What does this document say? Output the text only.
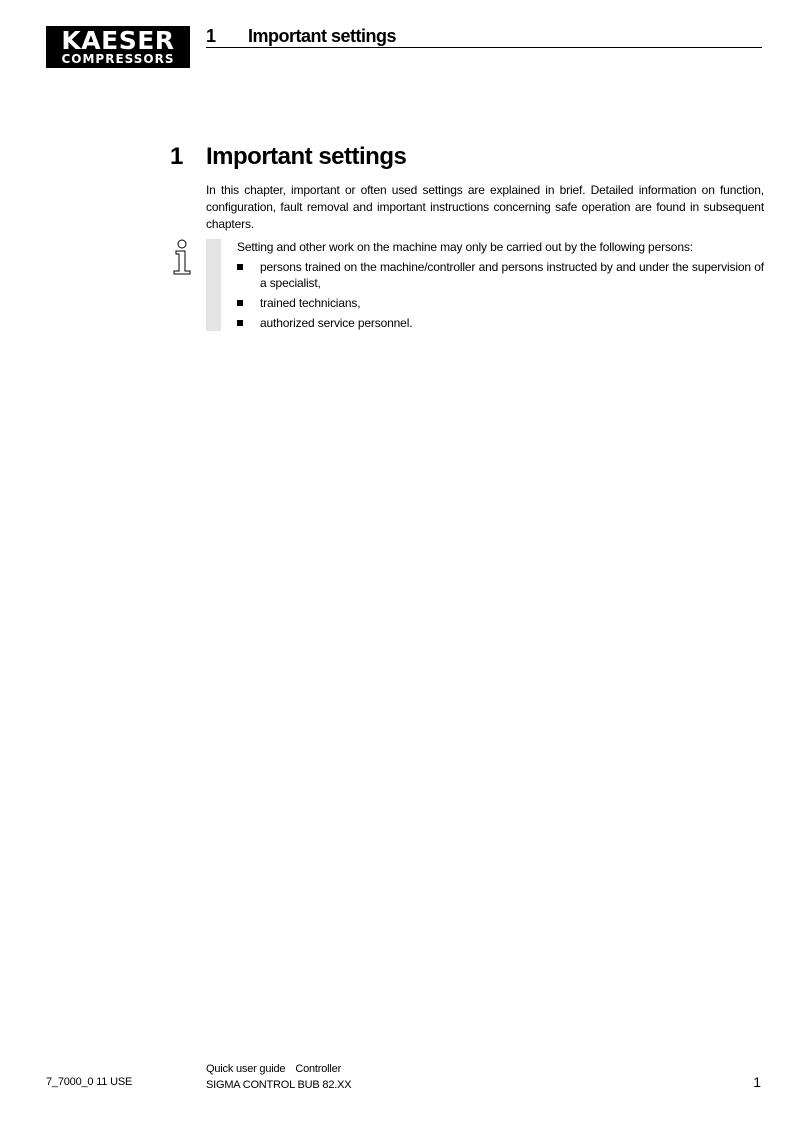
KAESER
COMPRESSORS
1 Important settings
1 Important settings

In this chapter, important or often used settings are explained in brief. Detailed information on function, configuration, fault removal and important instructions concerning safe operation are found in subsequent chapters.

Setting and other work on the machine may only be carried out by the following persons:

persons trained on the machine/controller and persons instructed by and under the supervision of a specialist,
trained technicians,
authorized service personnel.
7_7000_0 11 USE
Quick user guide Controller
SIGMA CONTROL BUB 82.XX	1
